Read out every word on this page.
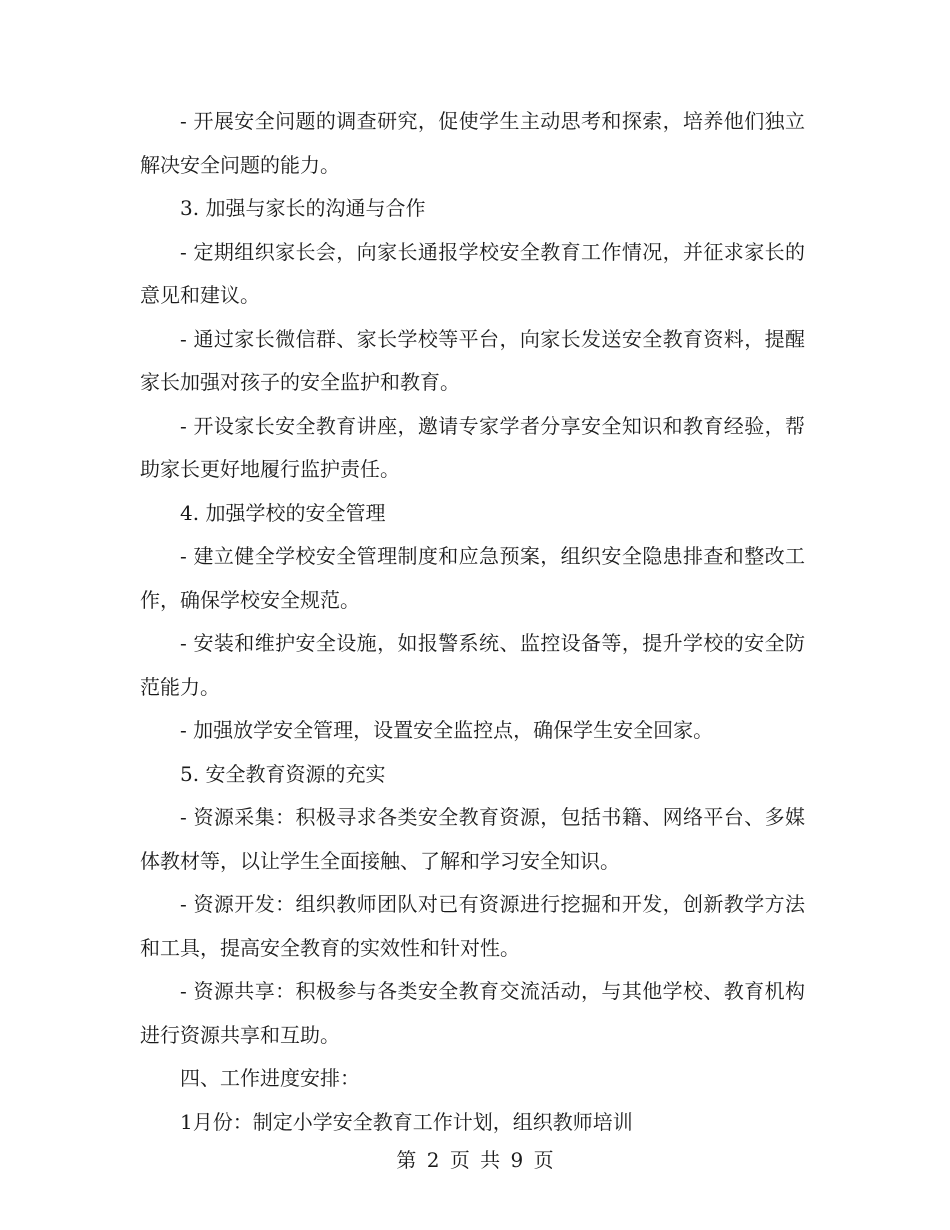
- 开展安全问题的调查研究，促使学生主动思考和探索，培养他们独立解决安全问题的能力。

3. 加强与家长的沟通与合作

- 定期组织家长会，向家长通报学校安全教育工作情况，并征求家长的意见和建议。

- 通过家长微信群、家长学校等平台，向家长发送安全教育资料，提醒家长加强对孩子的安全监护和教育。

- 开设家长安全教育讲座，邀请专家学者分享安全知识和教育经验，帮助家长更好地履行监护责任。

4. 加强学校的安全管理

- 建立健全学校安全管理制度和应急预案，组织安全隐患排查和整改工作，确保学校安全规范。

- 安装和维护安全设施，如报警系统、监控设备等，提升学校的安全防范能力。

- 加强放学安全管理，设置安全监控点，确保学生安全回家。

5. 安全教育资源的充实

- 资源采集：积极寻求各类安全教育资源，包括书籍、网络平台、多媒体教材等，以让学生全面接触、了解和学习安全知识。

- 资源开发：组织教师团队对已有资源进行挖掘和开发，创新教学方法和工具，提高安全教育的实效性和针对性。

- 资源共享：积极参与各类安全教育交流活动，与其他学校、教育机构进行资源共享和互助。

四、工作进度安排：

1月份：制定小学安全教育工作计划，组织教师培训

第 2 页 共 9 页
